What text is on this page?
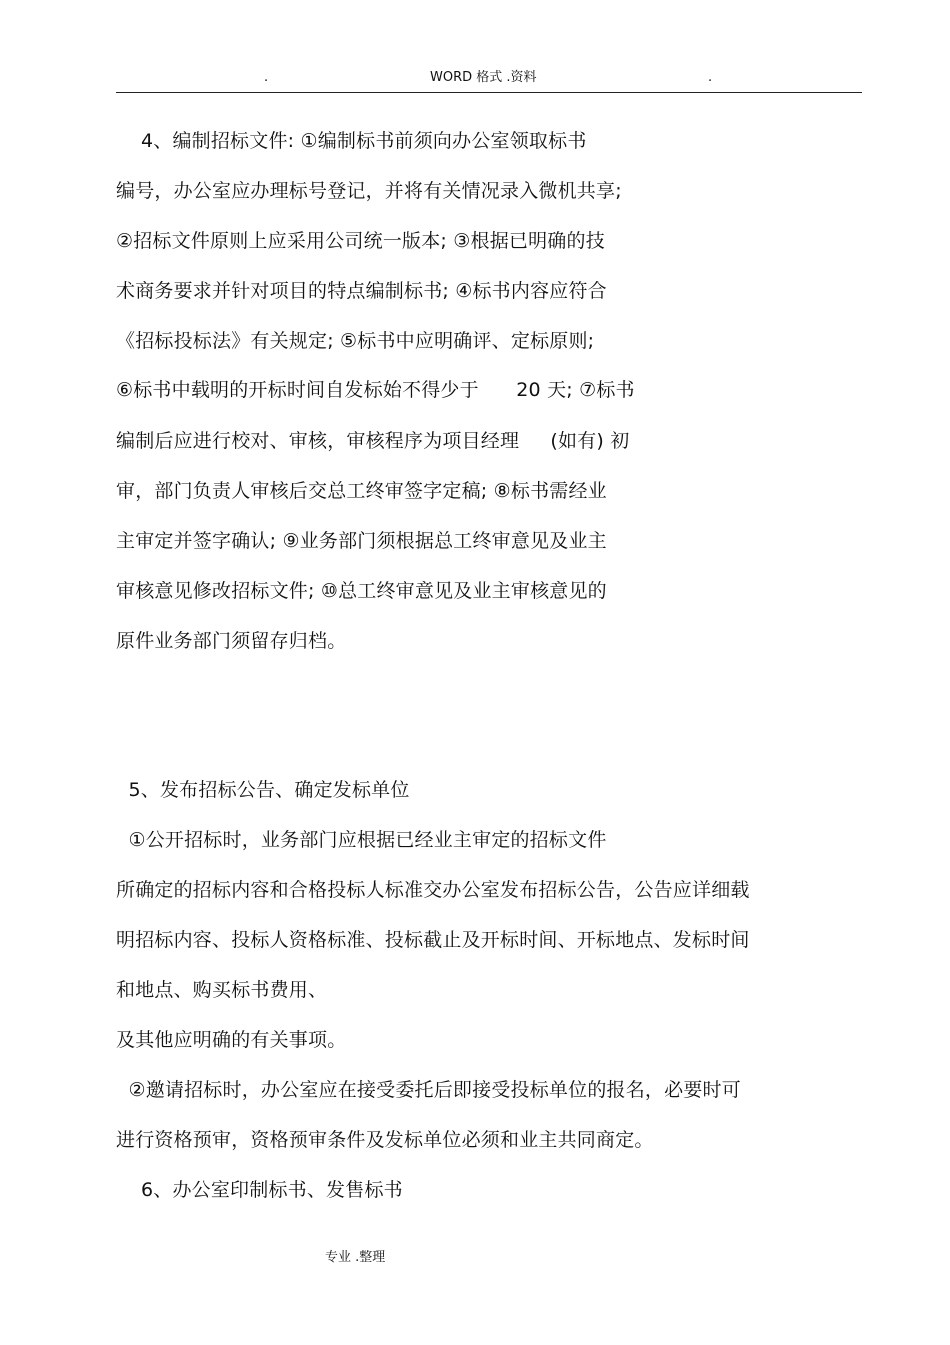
.	WORD 格式 .资料	.
4、编制招标文件: ①编制标书前须向办公室领取标书
编号，办公室应办理标号登记，并将有关情况录入微机共享;
②招标文件原则上应采用公司统一版本; ③根据已明确的技
术商务要求并针对项目的特点编制标书; ④标书内容应符合
《招标投标法》有关规定; ⑤标书中应明确评、定标原则;
⑥标书中载明的开标时间自发标始不得少于      20 天; ⑦标书
编制后应进行校对、审核，审核程序为项目经理     (如有) 初
审，部门负责人审核后交总工终审签字定稿; ⑧标书需经业
主审定并签字确认; ⑨业务部门须根据总工终审意见及业主
审核意见修改招标文件; ⑩总工终审意见及业主审核意见的
原件业务部门须留存归档。
5、发布招标公告、确定发标单位
①公开招标时，业务部门应根据已经业主审定的招标文件
所确定的招标内容和合格投标人标准交办公室发布招标公告，公告应详细载
明招标内容、投标人资格标准、投标截止及开标时间、开标地点、发标时间
和地点、购买标书费用、
及其他应明确的有关事项。
②邀请招标时，办公室应在接受委托后即接受投标单位的报名，必要时可
进行资格预审，资格预审条件及发标单位必须和业主共同商定。
6、办公室印制标书、发售标书
专业 .整理
